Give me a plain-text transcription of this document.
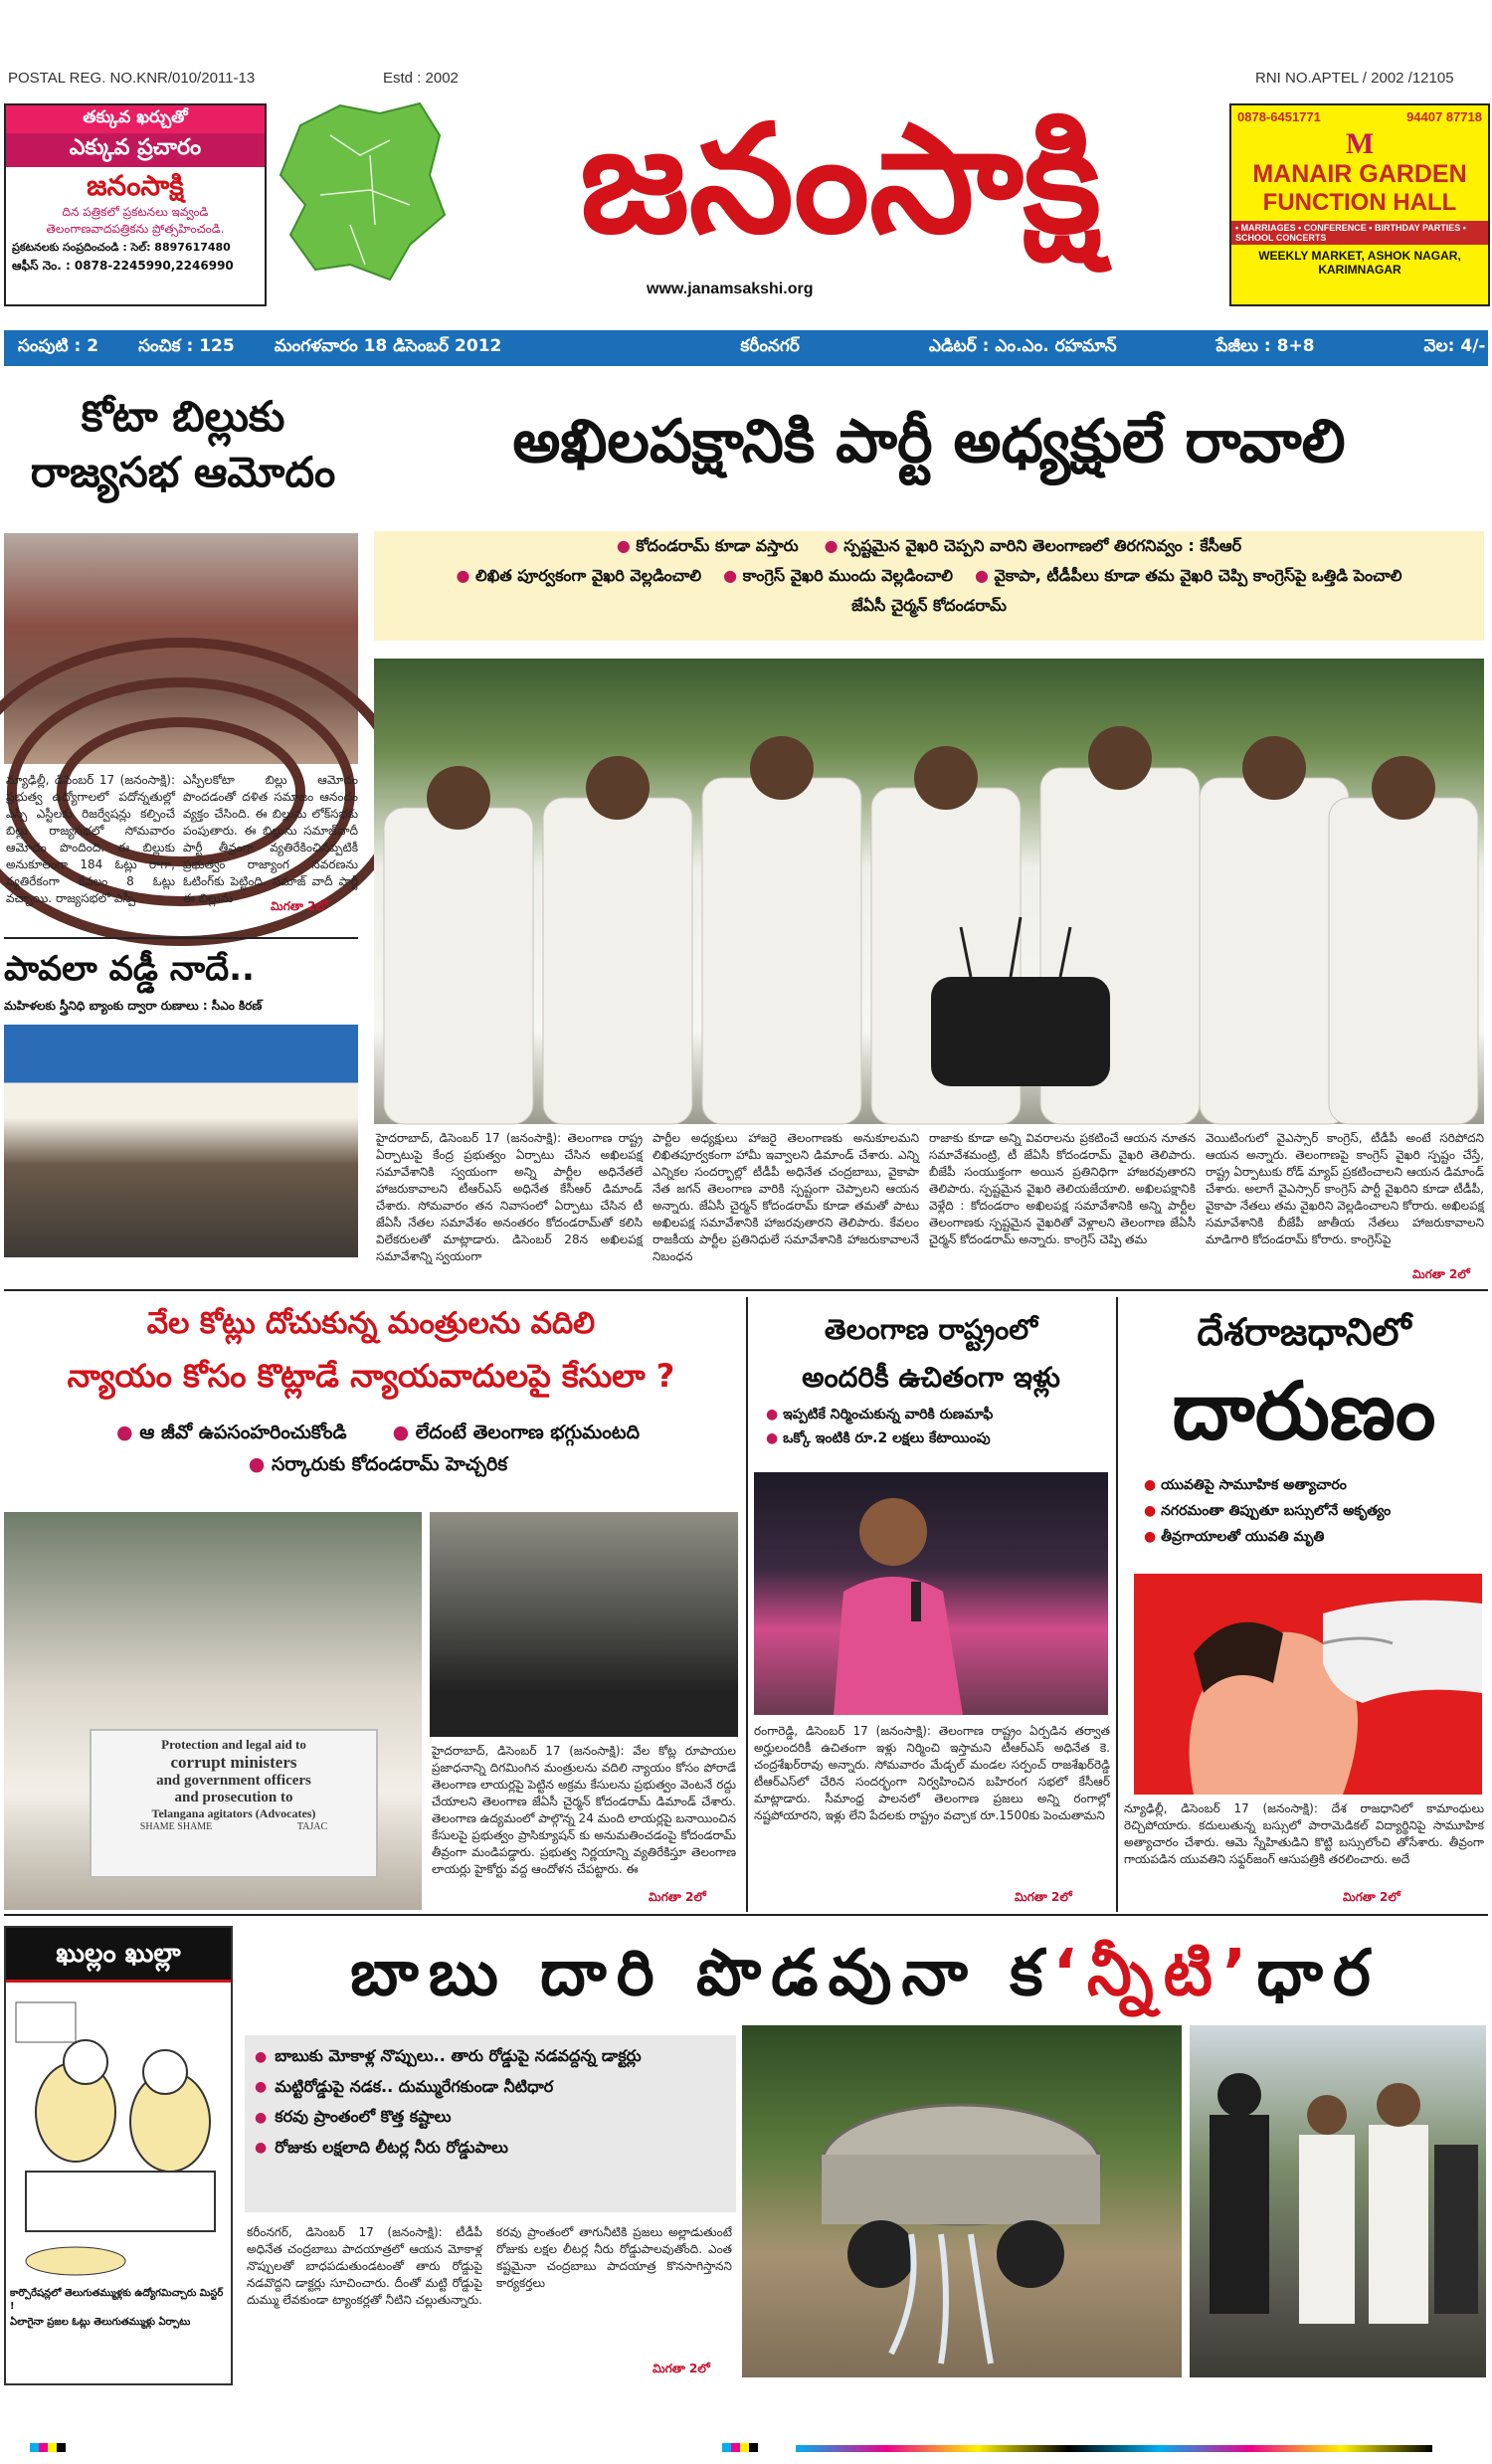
POSTAL REG. NO.KNR/010/2011-13	Estd : 2002	RNI NO.APTEL / 2002 /12105
తక్కువ ఖర్చుతో
ఎక్కువ ప్రచారం
జనంసాక్షి
దిన పత్రికలో ప్రకటనలు ఇవ్వండి
తెలంగాణవాదపత్రికను ప్రోత్సహించండి.
ప్రకటనలకు సంప్రదించండి : సెల్: 8897617480
ఆఫీస్ నెం. : 0878-2245990,2246990	జనంసాక్షి
www.janamsakshi.org
0878-6451771	94407 87718
M
MANAIR GARDEN
FUNCTION HALL
• MARRIAGES • CONFERENCE • BIRTHDAY PARTIES • SCHOOL CONCERTS
WEEKLY MARKET, ASHOK NAGAR, KARIMNAGAR
సంపుటి : 2 సంచిక : 125 మంగళవారం 18 డిసెంబర్ 2012	కరీంనగర్	ఎడిటర్ : ఎం.ఎం. రహమాన్	పేజీలు : 8+8	వెల: 4/-
కోటా బిల్లుకు
రాజ్యసభ ఆమోదం
న్యూఢిల్లీ, డిసెంబర్ 17 (జనంసాక్షి): ప్రభుత్వ ఉద్యోగాలలో పదోన్నతుల్లో ఎస్సీ ఎస్టీలకు రిజర్వేషన్లు కల్పించే బిల్లు రాజ్యసభలో సోమవారం ఆమోదం పొందింది. ఈ బిల్లుకు అనుకూలంగా 184 ఓట్లు రాగా, వ్యతిరేకంగా కేవలం 8 ఓట్లు వచ్చాయి. రాజ్యసభలో ఎస్పీ
ఎస్పీలకోటా బిల్లు ఆమోదం పొందడంతో దళిత సమాజం ఆనందం వ్యక్తం చేసింది. ఈ బిల్లును లోక్‌సభకు పంపుతారు. ఈ బిల్లును సమాజ్‌వాదీ పార్టీ తీవ్రంగా వ్యతిరేకించినప్పటికీ ప్రభుత్వం రాజ్యాంగ సవరణను ఓటింగ్‌కు పెట్టింది. సమాజ్ వాదీ పార్టీ ఈ బిల్లును
మిగతా 2లో
పావలా వడ్డీ నాదే..
మహిళలకు స్త్రీనిధి బ్యాంకు ద్వారా రుణాలు : సీఎం కిరణ్
అఖిలపక్షానికి పార్టీ అధ్యక్షులే రావాలి
● కోదండరామ్ కూడా వస్తారు ● స్పష్టమైన వైఖరి చెప్పని వారిని తెలంగాణలో తిరగనివ్వం : కేసీఆర్
● లిఖిత పూర్వకంగా వైఖరి వెల్లడించాలి ● కాంగ్రెస్ వైఖరి ముందు వెల్లడించాలి ● వైకాపా, టీడీపీలు కూడా తమ వైఖరి చెప్పి కాంగ్రెస్‌పై ఒత్తిడి పెంచాలి
జేఏసీ చైర్మన్ కోదండరామ్
హైదరాబాద్, డిసెంబర్ 17 (జనంసాక్షి): తెలంగాణ రాష్ట్ర ఏర్పాటుపై కేంద్ర ప్రభుత్వం ఏర్పాటు చేసిన అఖిలపక్ష సమావేశానికి స్వయంగా అన్ని పార్టీల అధినేతలే హాజరుకావాలని టీఆర్‌ఎస్ అధినేత కేసీఆర్ డిమాండ్ చేశారు. సోమవారం తన నివాసంలో ఏర్పాటు చేసిన టీ జేఏసీ నేతల సమావేశం అనంతరం కోదండరామ్‌తో కలిసి విలేకరులతో మాట్లాడారు. డిసెంబర్ 28న అఖిలపక్ష సమావేశాన్ని స్వయంగా
పార్టీల అధ్యక్షులు హాజరై తెలంగాణకు అనుకూలమని లిఖితపూర్వకంగా హామీ ఇవ్వాలని డిమాండ్ చేశారు. ఎన్ని ఎన్నికల సందర్భాల్లో టీడీపీ అధినేత చంద్రబాబు, వైకాపా నేత జగన్ తెలంగాణ వారికి స్పష్టంగా చెప్పాలని ఆయన అన్నారు. జేఏసీ చైర్మన్ కోదండరామ్ కూడా తమతో పాటు అఖిలపక్ష సమావేశానికి హాజరవుతారని తెలిపారు. కేవలం రాజకీయ పార్టీల ప్రతినిధులే సమావేశానికి హాజరుకావాలనే నిబంధన
రాజాకు కూడా అన్ని వివరాలను ప్రకటించే ఆయన నూతన సమావేశమంట్రి, టీ జేఏసీ కోదండరామ్ వైఖరి తెలిపారు. బీజేపీ సంయుక్తంగా అయిన ప్రతినిధిగా హాజరవుతారని తెలిపారు. స్పష్టమైన వైఖరి తెలియజేయాలి. అఖిలపక్షానికి వెళ్లేది : కోదండరాం అఖిలపక్ష సమావేశానికి అన్ని పార్టీల తెలంగాణకు స్పష్టమైన వైఖరితో వెళ్లాలని తెలంగాణ జేఏసీ చైర్మన్ కోదండరామ్ అన్నారు. కాంగ్రెస్ చెప్పి తమ
వెయిటింగులో వైఎస్సార్ కాంగ్రెస్, టీడీపీ అంటే సరిపోదని ఆయన అన్నారు. తెలంగాణపై కాంగ్రెస్ వైఖరి స్పష్టం చేస్తే, రాష్ట్ర ఏర్పాటుకు రోడ్ మ్యాప్ ప్రకటించాలని ఆయన డిమాండ్ చేశారు. అలాగే వైఎస్సార్ కాంగ్రెస్ పార్టీ వైఖరిని కూడా టీడీపీ, వైకాపా నేతలు తమ వైఖరిని వెల్లడించాలని కోరారు. అఖిలపక్ష సమావేశానికి బీజేపీ జాతీయ నేతలు హాజరుకావాలని మాడిగారి కోదండరామ్ కోరారు. కాంగ్రెస్‌పై
మిగతా 2లో
వేల కోట్లు దోచుకున్న మంత్రులను వదిలి
న్యాయం కోసం కొట్లాడే న్యాయవాదులపై కేసులా ?
● ఆ జీవో ఉపసంహరించుకోండి ● లేదంటే తెలంగాణ భగ్గుమంటది
● సర్కారుకు కోదండరామ్ హెచ్చరిక
Protection and legal aid to
corrupt ministers
and government officers
and prosecution to
Telangana agitators (Advocates)
SHAME SHAME	TAJAC
హైదరాబాద్, డిసెంబర్ 17 (జనంసాక్షి): వేల కోట్ల రూపాయల ప్రజాధనాన్ని దిగమింగిన మంత్రులను వదిలి న్యాయం కోసం పోరాడే తెలంగాణ లాయర్లపై పెట్టిన అక్రమ కేసులను ప్రభుత్వం వెంటనే రద్దు చేయాలని తెలంగాణ జేఏసీ చైర్మన్ కోదండరామ్ డిమాండ్ చేశారు. తెలంగాణ ఉద్యమంలో పాల్గొన్న 24 మంది లాయర్లపై బనాయించిన కేసులపై ప్రభుత్వం ప్రాసిక్యూషన్ కు అనుమతించడంపై కోదండరామ్ తీవ్రంగా మండిపడ్డారు. ప్రభుత్వ నిర్ణయాన్ని వ్యతిరేకిస్తూ తెలంగాణ లాయర్లు హైకోర్టు వద్ద ఆందోళన చేపట్టారు. ఈ
మిగతా 2లో
తెలంగాణ రాష్ట్రంలో
అందరికీ ఉచితంగా ఇళ్లు
● ఇప్పటికే నిర్మించుకున్న వారికి రుణమాఫీ
● ఒక్కో ఇంటికి రూ.2 లక్షలు కేటాయింపు
రంగారెడ్డి, డిసెంబర్ 17 (జనంసాక్షి): తెలంగాణ రాష్ట్రం ఏర్పడిన తర్వాత అర్హులందరికీ ఉచితంగా ఇళ్లు నిర్మించి ఇస్తామని టీఆర్‌ఎస్ అధినేత కె. చంద్రశేఖర్‌రావు అన్నారు. సోమవారం మేడ్చల్ మండల సర్పంచ్ రాజశేఖర్‌రెడ్డి టీఆర్‌ఎస్‌లో చేరిన సందర్భంగా నిర్వహించిన బహిరంగ సభలో కేసీఆర్ మాట్లాడారు. సీమాంధ్ర పాలనలో తెలంగాణ ప్రజలు అన్ని రంగాల్లో నష్టపోయారని, ఇళ్లు లేని పేదలకు రాష్ట్రం వచ్చాక రూ.1500కు పెంచుతామని
మిగతా 2లో
దేశరాజధానిలో
దారుణం
● యువతిపై సామూహిక అత్యాచారం
● నగరమంతా తిప్పుతూ బస్సులోనే అకృత్యం
● తీవ్రగాయాలతో యువతి మృతి
న్యూఢిల్లీ, డిసెంబర్ 17 (జనంసాక్షి): దేశ రాజధానిలో కామాంధులు రెచ్చిపోయారు. కదులుతున్న బస్సులో పారామెడికల్ విద్యార్థినిపై సామూహిక అత్యాచారం చేశారు. ఆమె స్నేహితుడిని కొట్టి బస్సులోంచి తోసేశారు. తీవ్రంగా గాయపడిన యువతిని సఫ్దర్‌జంగ్ ఆసుపత్రికి తరలించారు. అదే
మిగతా 2లో
ఖుల్లం ఖుల్లా
కార్పొరేషన్లలో తెలుగుతమ్ముళ్లకు ఉద్యోగమిచ్చారు మిస్టర్ !
ఏలాగైనా ప్రజల ఓట్లు తెలుగుతమ్ముళ్లు ఏర్పాటు
బాబు దారి పొడవునా క‘న్నీటి’ధార
● బాబుకు మోకాళ్ల నొప్పులు.. తారు రోడ్డుపై నడవద్దన్న డాక్టర్లు
● మట్టిరోడ్డుపై నడక.. దుమ్మురేగకుండా నీటిధార
● కరవు ప్రాంతంలో కొత్త కష్టాలు
● రోజుకు లక్షలాది లీటర్ల నీరు రోడ్డుపాలు
కరీంనగర్, డిసెంబర్ 17 (జనంసాక్షి): టీడీపీ అధినేత చంద్రబాబు పాదయాత్రలో ఆయన మోకాళ్ల నొప్పులతో బాధపడుతుండటంతో తారు రోడ్డుపై నడవొద్దని డాక్టర్లు సూచించారు. దీంతో మట్టి రోడ్డుపై దుమ్ము లేవకుండా ట్యాంకర్లతో నీటిని చల్లుతున్నారు. కరవు ప్రాంతంలో తాగునీటికి ప్రజలు అల్లాడుతుంటే రోజుకు లక్షల లీటర్ల నీరు రోడ్డుపాలవుతోంది. ఎంత కష్టమైనా చంద్రబాబు పాదయాత్ర కొనసాగిస్తానని కార్యకర్తలు
మిగతా 2లో
